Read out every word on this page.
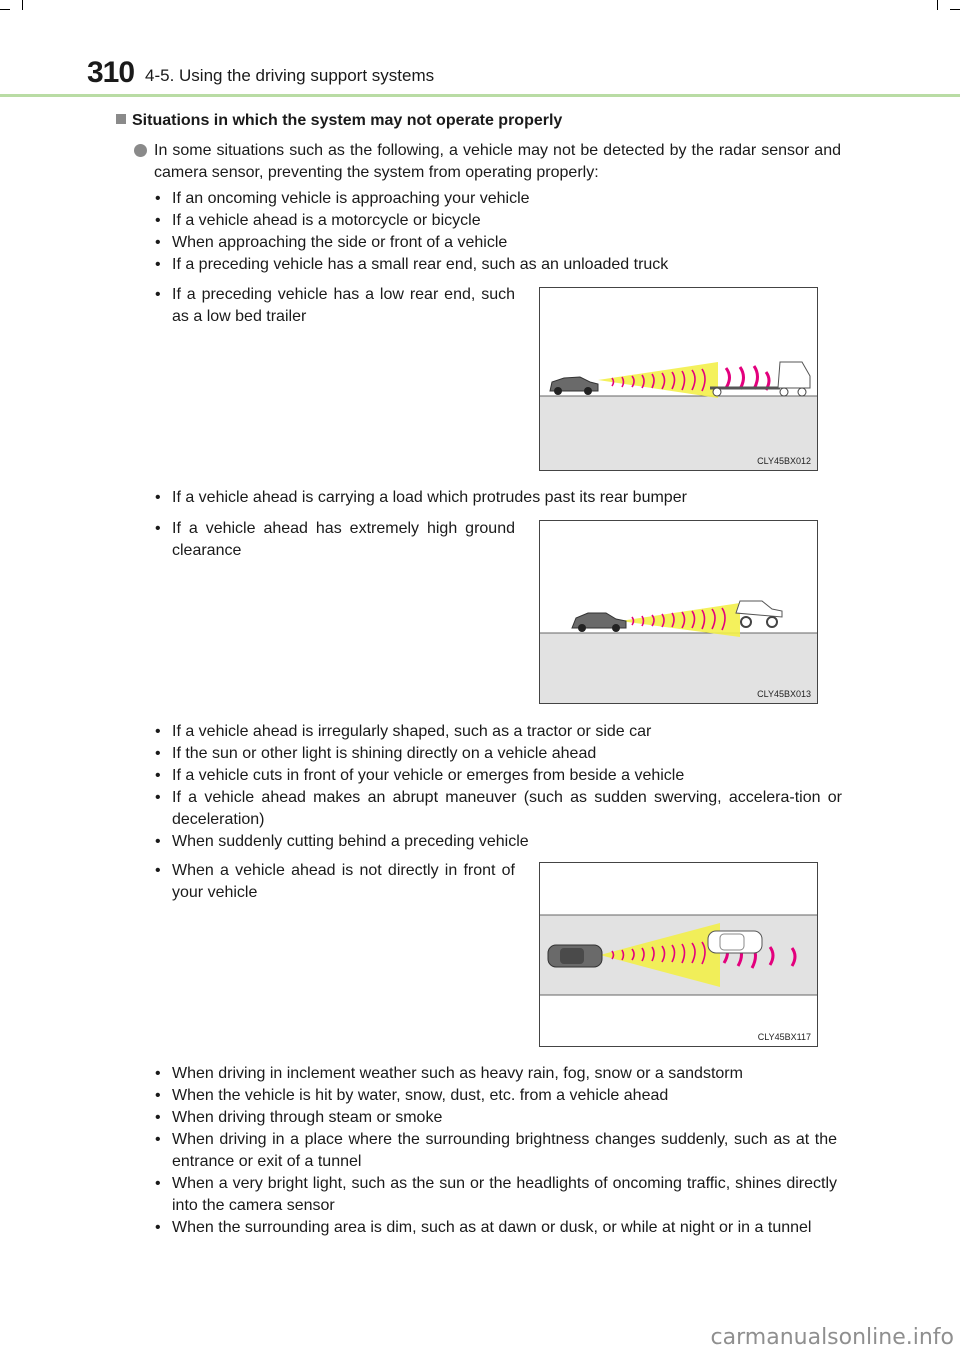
310 4-5. Using the driving support systems
Situations in which the system may not operate properly

In some situations such as the following, a vehicle may not be detected by the radar sensor and camera sensor, preventing the system from operating properly:

• If an oncoming vehicle is approaching your vehicle
• If a vehicle ahead is a motorcycle or bicycle
• When approaching the side or front of a vehicle
• If a preceding vehicle has a small rear end, such as an unloaded truck
• If a preceding vehicle has a low rear end, such as a low bed trailer
CLY45BX012
• If a vehicle ahead is carrying a load which protrudes past its rear bumper
• If a vehicle ahead has extremely high ground clearance
CLY45BX013
• If a vehicle ahead is irregularly shaped, such as a tractor or side car
• If the sun or other light is shining directly on a vehicle ahead
• If a vehicle cuts in front of your vehicle or emerges from beside a vehicle
• If a vehicle ahead makes an abrupt maneuver (such as sudden swerving, accelera-tion or deceleration)
• When suddenly cutting behind a preceding vehicle
• When a vehicle ahead is not directly in front of your vehicle
CLY45BX117
• When driving in inclement weather such as heavy rain, fog, snow or a sandstorm
• When the vehicle is hit by water, snow, dust, etc. from a vehicle ahead
• When driving through steam or smoke
• When driving in a place where the surrounding brightness changes suddenly, such as at the entrance or exit of a tunnel
• When a very bright light, such as the sun or the headlights of oncoming traffic, shines directly into the camera sensor
• When the surrounding area is dim, such as at dawn or dusk, or while at night or in a tunnel
carmanualsonline.info
